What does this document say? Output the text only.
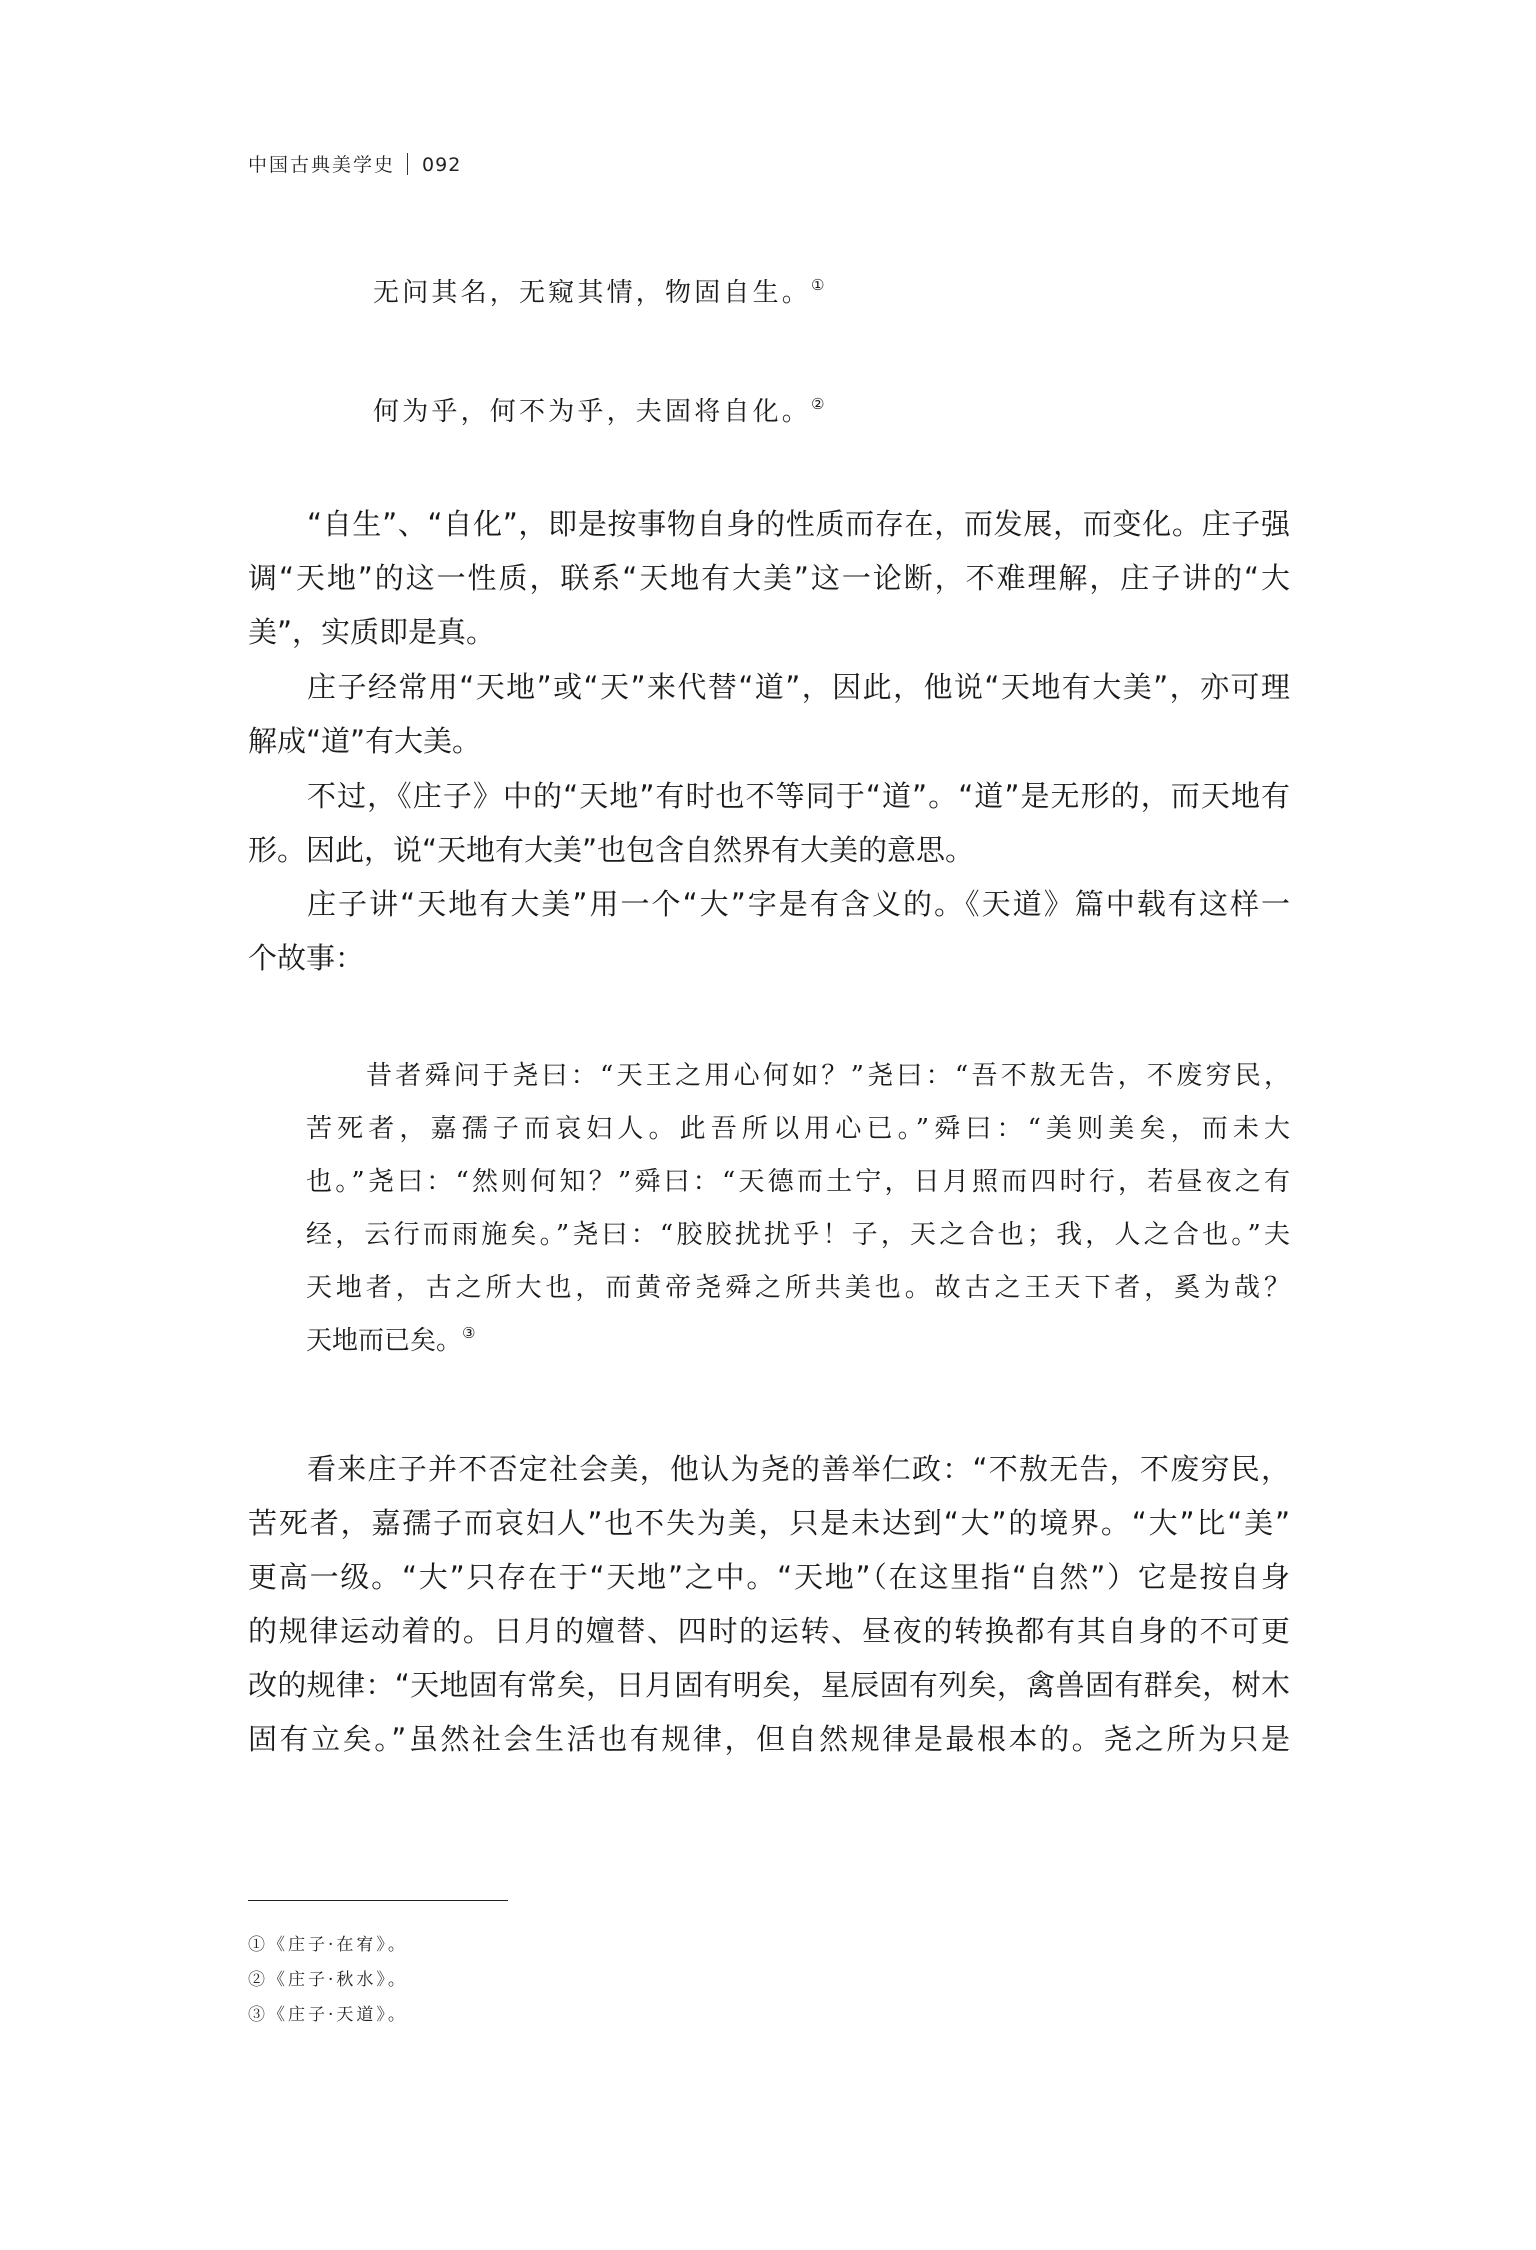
中国古典美学史 092
无问其名，无窥其情，物固自生。①
何为乎，何不为乎，夫固将自化。②
“自生”、“自化”，即是按事物自身的性质而存在，而发展，而变化。庄子强
调“天地”的这一性质，联系“天地有大美”这一论断，不难理解，庄子讲的“大
美”，实质即是真。
庄子经常用“天地”或“天”来代替“道”，因此，他说“天地有大美”，亦可理
解成“道”有大美。
不过，《庄子》中的“天地”有时也不等同于“道”。“道”是无形的，而天地有
形。因此，说“天地有大美”也包含自然界有大美的意思。
庄子讲“天地有大美”用一个“大”字是有含义的。《天道》篇中载有这样一
个故事：
昔者舜问于尧曰：“天王之用心何如？”尧曰：“吾不敖无告，不废穷民，
苦死者，嘉孺子而哀妇人。此吾所以用心已。”舜曰：“美则美矣，而未大
也。”尧曰：“然则何知？”舜曰：“天德而土宁，日月照而四时行，若昼夜之有
经，云行而雨施矣。”尧曰：“胶胶扰扰乎！子，天之合也；我，人之合也。”夫
天地者，古之所大也，而黄帝尧舜之所共美也。故古之王天下者，奚为哉？
天地而已矣。③
看来庄子并不否定社会美，他认为尧的善举仁政：“不敖无告，不废穷民，
苦死者，嘉孺子而哀妇人”也不失为美，只是未达到“大”的境界。“大”比“美”
更高一级。“大”只存在于“天地”之中。“天地”（在这里指“自然”）它是按自身
的规律运动着的。日月的嬗替、四时的运转、昼夜的转换都有其自身的不可更
改的规律：“天地固有常矣，日月固有明矣，星辰固有列矣，禽兽固有群矣，树木
固有立矣。”虽然社会生活也有规律，但自然规律是最根本的。尧之所为只是
①《庄子·在宥》。
②《庄子·秋水》。
③《庄子·天道》。
